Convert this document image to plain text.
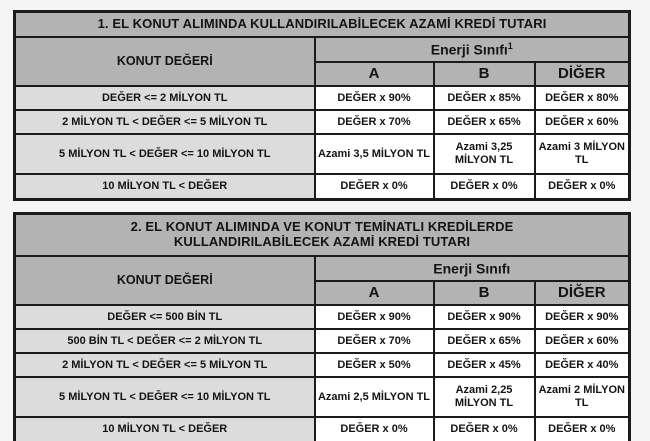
1. EL KONUT ALIMINDA KULLANDIRILABİLECEK AZAMİ KREDİ TUTARI			
KONUT DEĞERİ	Enerji Sınıfı$^1$
	A	B	DİĞER
DEĞER <= 2 MİLYON TL	DEĞER x 90%	DEĞER x 85%	DEĞER x 80%
2 MİLYON TL < DEĞER <= 5 MİLYON TL	DEĞER x 70%	DEĞER x 65%	DEĞER x 60%
5 MİLYON TL < DEĞER <= 10 MİLYON TL	Azami 3,5 MİLYON TL	Azami 3,25 MİLYON TL	Azami 3 MİLYON TL
10 MİLYON TL < DEĞER	DEĞER x 0%	DEĞER x 0%	DEĞER x 0%
2. EL KONUT ALIMINDA VE KONUT TEMİNATLI KREDİLERDE
KULLANDIRILABİLECEK AZAMİ KREDİ TUTARI			

KONUT DEĞERİ	Enerji Sınıfı		
	A	B	DİĞER
DEĞER <= 500 BİN TL	DEĞER x 90%	DEĞER x 90%	DEĞER x 90%
500 BİN TL < DEĞER <= 2 MİLYON TL	DEĞER x 70%	DEĞER x 65%	DEĞER x 60%
2 MİLYON TL < DEĞER <= 5 MİLYON TL	DEĞER x 50%	DEĞER x 45%	DEĞER x 40%
5 MİLYON TL < DEĞER <= 10 MİLYON TL	Azami 2,5 MİLYON TL	Azami 2,25 MİLYON TL	Azami 2 MİLYON TL
10 MİLYON TL < DEĞER	DEĞER x 0%	DEĞER x 0%	DEĞER x 0%
